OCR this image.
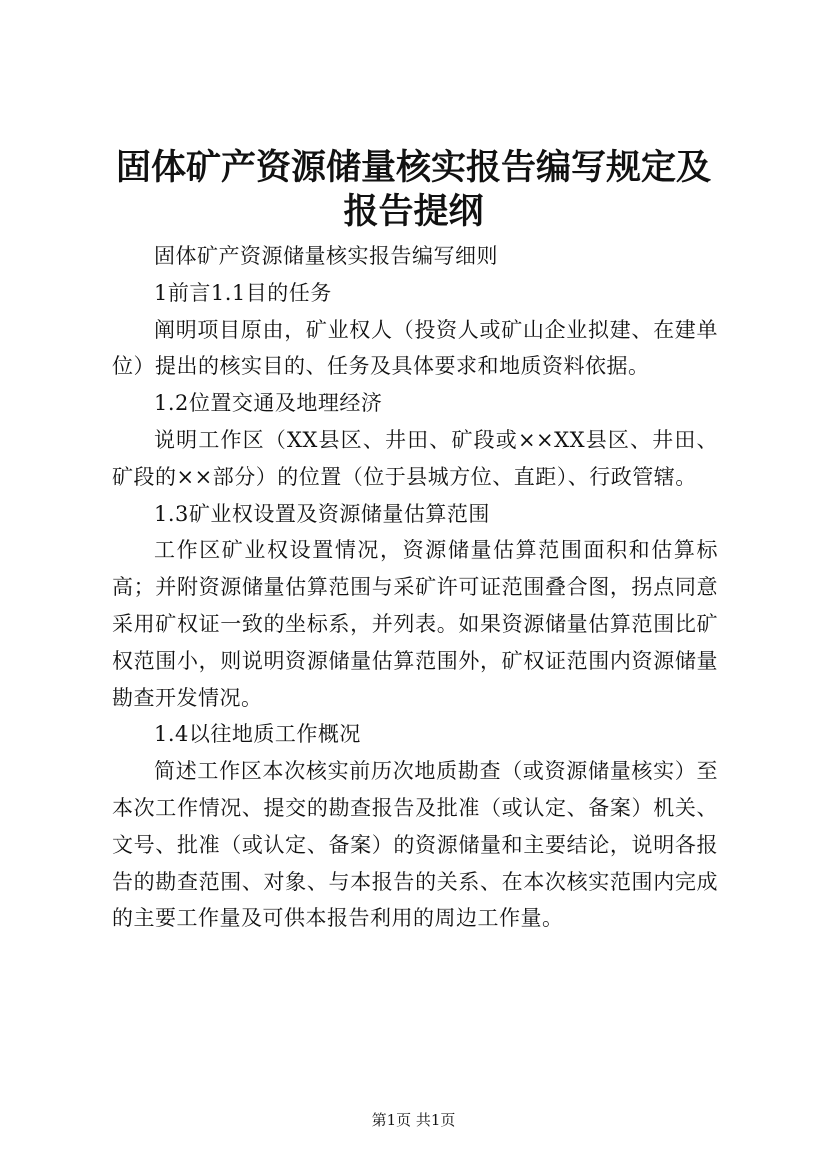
固体矿产资源储量核实报告编写规定及报告提纲

固体矿产资源储量核实报告编写细则

1前言1.1目的任务

阐明项目原由，矿业权人（投资人或矿山企业拟建、在建单位）提出的核实目的、任务及具体要求和地质资料依据。

1.2位置交通及地理经济

说明工作区（XX县区、井田、矿段或××XX县区、井田、矿段的××部分）的位置（位于县城方位、直距）、行政管辖。

1.3矿业权设置及资源储量估算范围

工作区矿业权设置情况，资源储量估算范围面积和估算标高；并附资源储量估算范围与采矿许可证范围叠合图，拐点同意采用矿权证一致的坐标系，并列表。如果资源储量估算范围比矿权范围小，则说明资源储量估算范围外，矿权证范围内资源储量勘查开发情况。

1.4以往地质工作概况

简述工作区本次核实前历次地质勘查（或资源储量核实）至本次工作情况、提交的勘查报告及批准（或认定、备案）机关、文号、批准（或认定、备案）的资源储量和主要结论，说明各报告的勘查范围、对象、与本报告的关系、在本次核实范围内完成的主要工作量及可供本报告利用的周边工作量。

第1页 共1页
